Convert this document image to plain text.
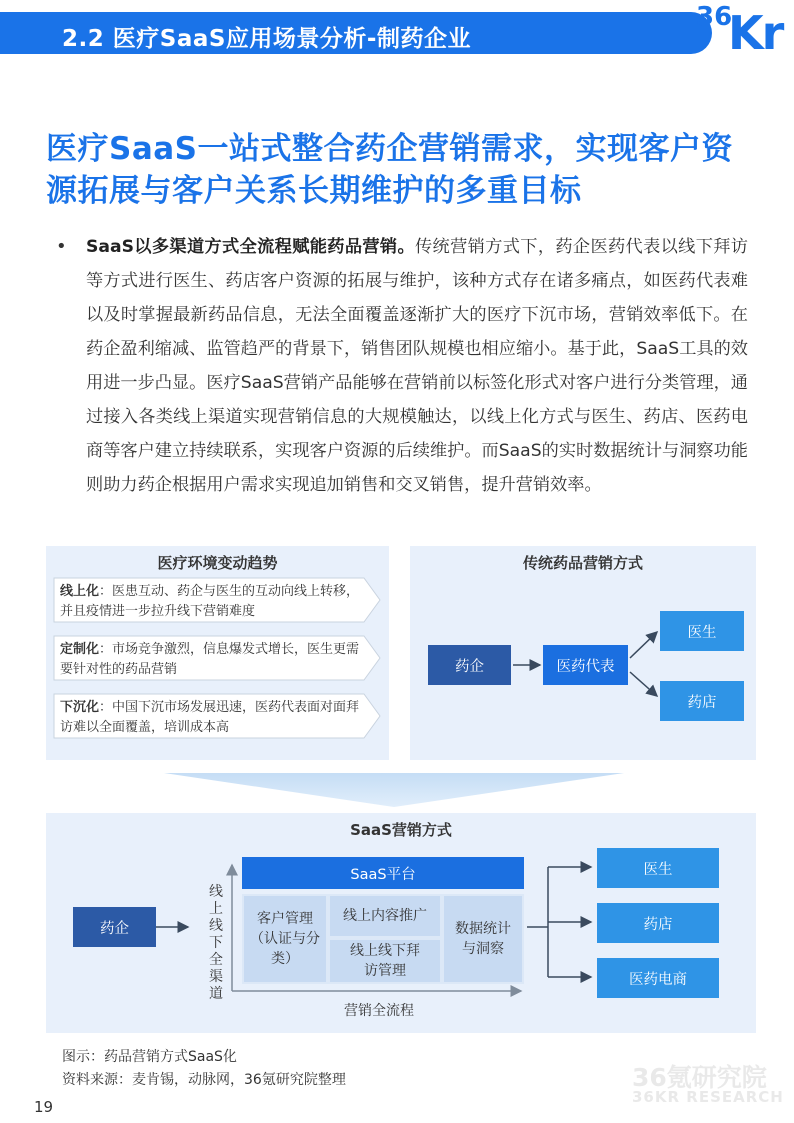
2.2 医疗SaaS应用场景分析-制药企业
36
Kr
医疗SaaS一站式整合药企营销需求，实现客户资源拓展与客户关系长期维护的多重目标
• SaaS以多渠道方式全流程赋能药品营销。传统营销方式下，药企医药代表以线下拜访等方式进行医生、药店客户资源的拓展与维护，该种方式存在诸多痛点，如医药代表难以及时掌握最新药品信息，无法全面覆盖逐渐扩大的医疗下沉市场，营销效率低下。在药企盈利缩减、监管趋严的背景下，销售团队规模也相应缩小。基于此，SaaS工具的效用进一步凸显。医疗SaaS营销产品能够在营销前以标签化形式对客户进行分类管理，通过接入各类线上渠道实现营销信息的大规模触达，以线上化方式与医生、药店、医药电商等客户建立持续联系，实现客户资源的后续维护。而SaaS的实时数据统计与洞察功能则助力药企根据用户需求实现追加销售和交叉销售，提升营销效率。
医疗环境变动趋势
线上化：医患互动、药企与医生的互动向线上转移，并且疫情进一步拉升线下营销难度
定制化：市场竞争激烈，信息爆发式增长，医生更需要针对性的药品营销
下沉化：中国下沉市场发展迅速，医药代表面对面拜访难以全面覆盖，培训成本高
传统药品营销方式
药企	医药代表
医生
药店
SaaS营销方式
药企
线上线下全渠道
SaaS平台
客户管理（认证与分类）
线上内容推广
线上线下拜访管理
数据统计与洞察
营销全流程
医生
药店
医药电商
图示：药品营销方式SaaS化
资料来源：麦肯锡，动脉网，36氪研究院整理	36氪研究院
36KR RESEARCH
19
